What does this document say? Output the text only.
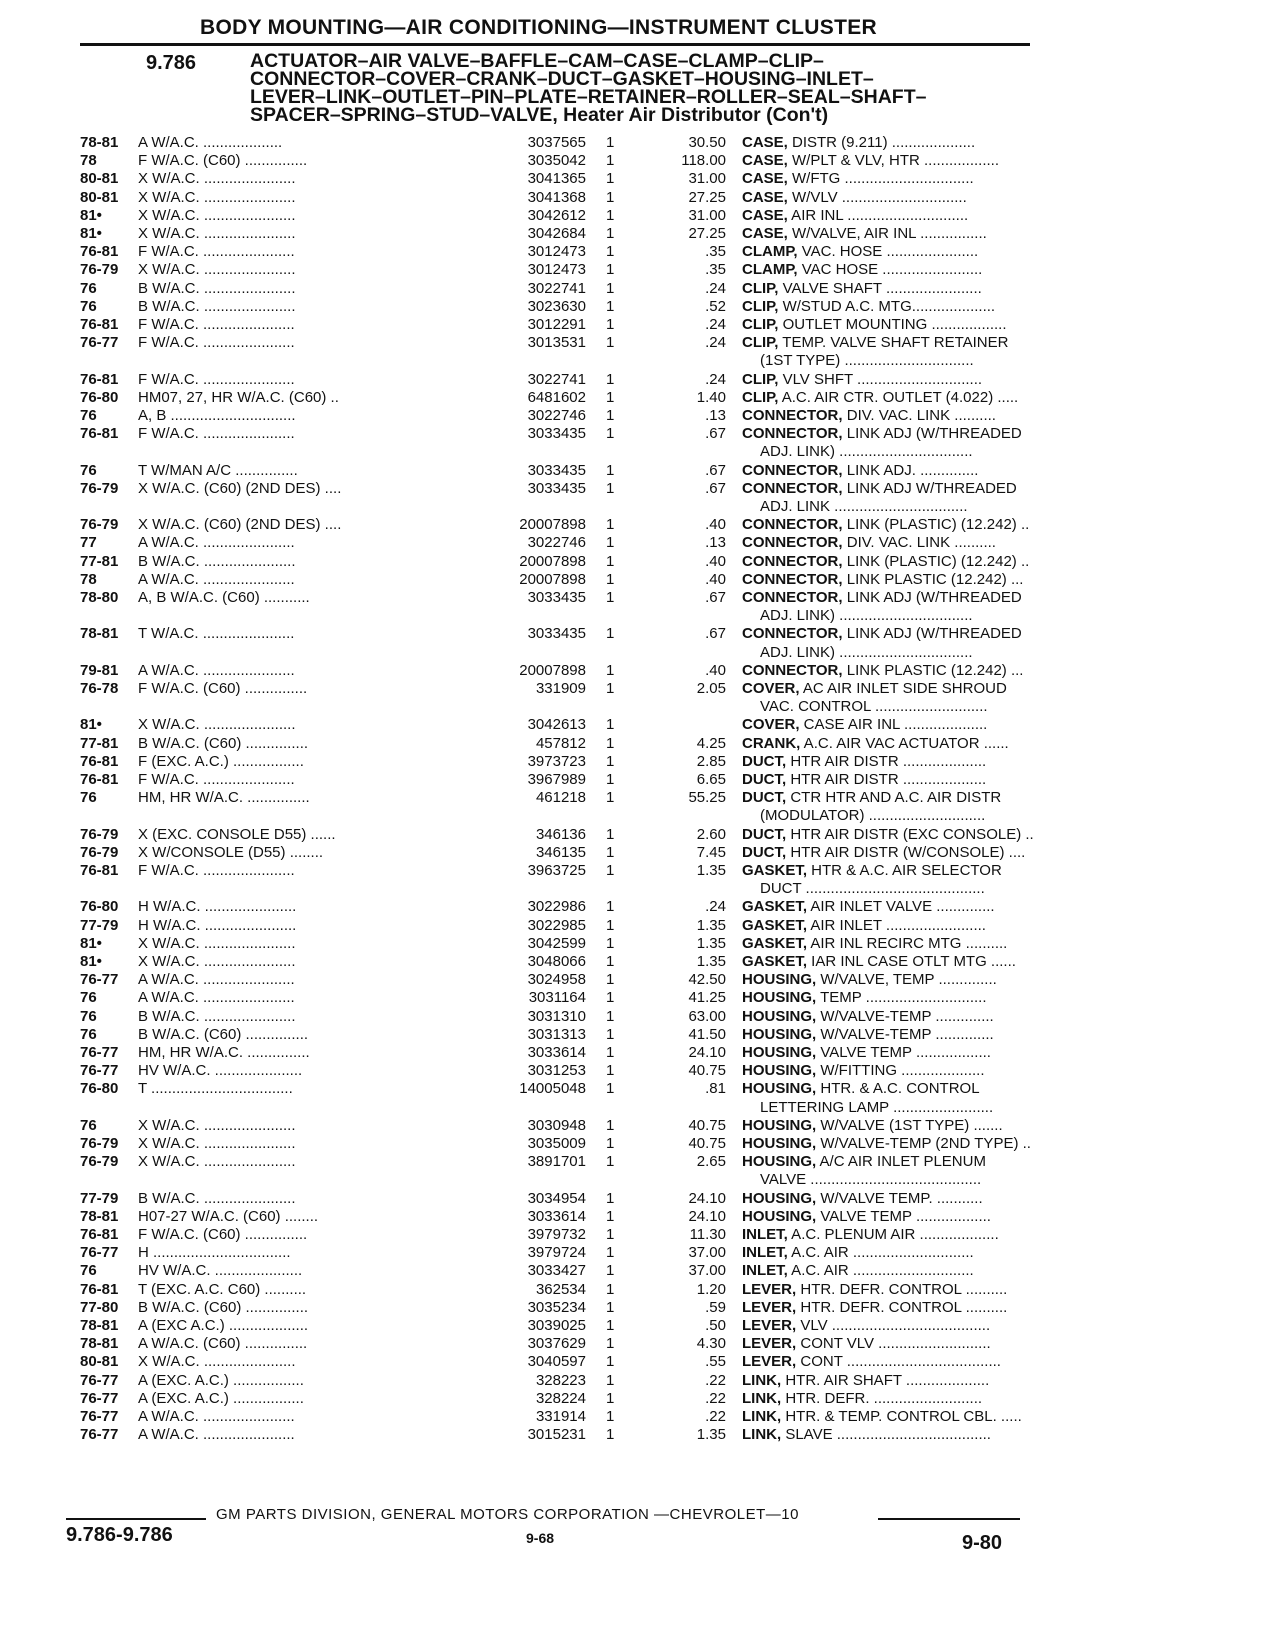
BODY MOUNTING—AIR CONDITIONING—INSTRUMENT CLUSTER
9.786	ACTUATOR–AIR VALVE–BAFFLE–CAM–CASE–CLAMP–CLIP–
CONNECTOR–COVER–CRANK–DUCT–GASKET–HOUSING–INLET–
LEVER–LINK–OUTLET–PIN–PLATE–RETAINER–ROLLER–SEAL–SHAFT–
SPACER–SPRING–STUD–VALVE, Heater Air Distributor (Con't)
78-81	A W/A.C. ...................	3037565 1	30.50 CASE, DISTR (9.211) ....................
78	F W/A.C. (C60) ...............	3035042 1	118.00 CASE, W/PLT & VLV, HTR ..................
80-81	X W/A.C. ......................	3041365 1	31.00 CASE, W/FTG ...............................
80-81	X W/A.C. ......................	3041368 1	27.25 CASE, W/VLV ..............................
81•	X W/A.C. ......................	3042612 1	31.00 CASE, AIR INL .............................
81•	X W/A.C. ......................	3042684 1	27.25 CASE, W/VALVE, AIR INL ................
76-81	F W/A.C. ......................	3012473 1	.35 CLAMP, VAC. HOSE ......................
76-79	X W/A.C. ......................	3012473 1	.35 CLAMP, VAC HOSE ........................
76	B W/A.C. ......................	3022741 1	.24 CLIP, VALVE SHAFT .......................
76	B W/A.C. ......................	3023630 1	.52 CLIP, W/STUD A.C. MTG....................
76-81	F W/A.C. ......................	3012291 1	.24 CLIP, OUTLET MOUNTING ..................
76-77	F W/A.C. ......................	3013531 1	.24 CLIP, TEMP. VALVE SHAFT RETAINER
(1ST TYPE) ...............................
76-81	F W/A.C. ......................	3022741 1	.24 CLIP, VLV SHFT ..............................
76-80	HM07, 27, HR W/A.C. (C60) ..	6481602 1	1.40 CLIP, A.C. AIR CTR. OUTLET (4.022) .....
76	A, B ..............................	3022746 1	.13 CONNECTOR, DIV. VAC. LINK ..........
76-81	F W/A.C. ......................	3033435 1	.67 CONNECTOR, LINK ADJ (W/THREADED
ADJ. LINK) ................................
76	T W/MAN A/C ...............	3033435 1	.67 CONNECTOR, LINK ADJ. ..............
76-79	X W/A.C. (C60) (2ND DES) ....	3033435 1	.67 CONNECTOR, LINK ADJ W/THREADED
ADJ. LINK ................................
76-79	X W/A.C. (C60) (2ND DES) ....	20007898 1	.40 CONNECTOR, LINK (PLASTIC) (12.242) ..
77	A W/A.C. ......................	3022746 1	.13 CONNECTOR, DIV. VAC. LINK ..........
77-81	B W/A.C. ......................	20007898 1	.40 CONNECTOR, LINK (PLASTIC) (12.242) ..
78	A W/A.C. ......................	20007898 1	.40 CONNECTOR, LINK PLASTIC (12.242) ...
78-80	A, B W/A.C. (C60) ...........	3033435 1	.67 CONNECTOR, LINK ADJ (W/THREADED
ADJ. LINK) ................................
78-81	T W/A.C. ......................	3033435 1	.67 CONNECTOR, LINK ADJ (W/THREADED
ADJ. LINK) ................................
79-81	A W/A.C. ......................	20007898 1	.40 CONNECTOR, LINK PLASTIC (12.242) ...
76-78	F W/A.C. (C60) ...............	331909 1	2.05 COVER, AC AIR INLET SIDE SHROUD
VAC. CONTROL ...........................
81•	X W/A.C. ......................	3042613 1	COVER, CASE AIR INL ....................
77-81	B W/A.C. (C60) ...............	457812 1	4.25 CRANK, A.C. AIR VAC ACTUATOR ......
76-81	F (EXC. A.C.) .................	3973723 1	2.85 DUCT, HTR AIR DISTR ....................
76-81	F W/A.C. ......................	3967989 1	6.65 DUCT, HTR AIR DISTR ....................
76	HM, HR W/A.C. ...............	461218 1	55.25 DUCT, CTR HTR AND A.C. AIR DISTR
(MODULATOR) ............................
76-79	X (EXC. CONSOLE D55) ......	346136 1	2.60 DUCT, HTR AIR DISTR (EXC CONSOLE) ..
76-79	X W/CONSOLE (D55) ........	346135 1	7.45 DUCT, HTR AIR DISTR (W/CONSOLE) ....
76-81	F W/A.C. ......................	3963725 1	1.35 GASKET, HTR & A.C. AIR SELECTOR
DUCT ...........................................
76-80	H W/A.C. ......................	3022986 1	.24 GASKET, AIR INLET VALVE ..............
77-79	H W/A.C. ......................	3022985 1	1.35 GASKET, AIR INLET ........................
81•	X W/A.C. ......................	3042599 1	1.35 GASKET, AIR INL RECIRC MTG ..........
81•	X W/A.C. ......................	3048066 1	1.35 GASKET, IAR INL CASE OTLT MTG ......
76-77	A W/A.C. ......................	3024958 1	42.50 HOUSING, W/VALVE, TEMP ..............
76	A W/A.C. ......................	3031164 1	41.25 HOUSING, TEMP .............................
76	B W/A.C. ......................	3031310 1	63.00 HOUSING, W/VALVE-TEMP ..............
76	B W/A.C. (C60) ...............	3031313 1	41.50 HOUSING, W/VALVE-TEMP ..............
76-77	HM, HR W/A.C. ...............	3033614 1	24.10 HOUSING, VALVE TEMP ..................
76-77	HV W/A.C. .....................	3031253 1	40.75 HOUSING, W/FITTING ....................
76-80	T ..................................	14005048 1	.81 HOUSING, HTR. & A.C. CONTROL
LETTERING LAMP ........................
76	X W/A.C. ......................	3030948 1	40.75 HOUSING, W/VALVE (1ST TYPE) .......
76-79	X W/A.C. ......................	3035009 1	40.75 HOUSING, W/VALVE-TEMP (2ND TYPE) ..
76-79	X W/A.C. ......................	3891701 1	2.65 HOUSING, A/C AIR INLET PLENUM
VALVE .........................................
77-79	B W/A.C. ......................	3034954 1	24.10 HOUSING, W/VALVE TEMP. ...........
78-81	H07-27 W/A.C. (C60) ........	3033614 1	24.10 HOUSING, VALVE TEMP ..................
76-81	F W/A.C. (C60) ...............	3979732 1	11.30 INLET, A.C. PLENUM AIR ...................
76-77	H .................................	3979724 1	37.00 INLET, A.C. AIR .............................
76	HV W/A.C. .....................	3033427 1	37.00 INLET, A.C. AIR .............................
76-81	T (EXC. A.C. C60) ..........	362534 1	1.20 LEVER, HTR. DEFR. CONTROL ..........
77-80	B W/A.C. (C60) ...............	3035234 1	.59 LEVER, HTR. DEFR. CONTROL ..........
78-81	A (EXC A.C.) ...................	3039025 1	.50 LEVER, VLV ......................................
78-81	A W/A.C. (C60) ...............	3037629 1	4.30 LEVER, CONT VLV ...........................
80-81	X W/A.C. ......................	3040597 1	.55 LEVER, CONT .....................................
76-77	A (EXC. A.C.) .................	328223 1	.22 LINK, HTR. AIR SHAFT ....................
76-77	A (EXC. A.C.) .................	328224 1	.22 LINK, HTR. DEFR. ..........................
76-77	A W/A.C. ......................	331914 1	.22 LINK, HTR. & TEMP. CONTROL CBL. .....
76-77	A W/A.C. ......................	3015231 1	1.35 LINK, SLAVE .....................................
GM PARTS DIVISION, GENERAL MOTORS CORPORATION —CHEVROLET—10
9.786-9.786	9-68	9-80
